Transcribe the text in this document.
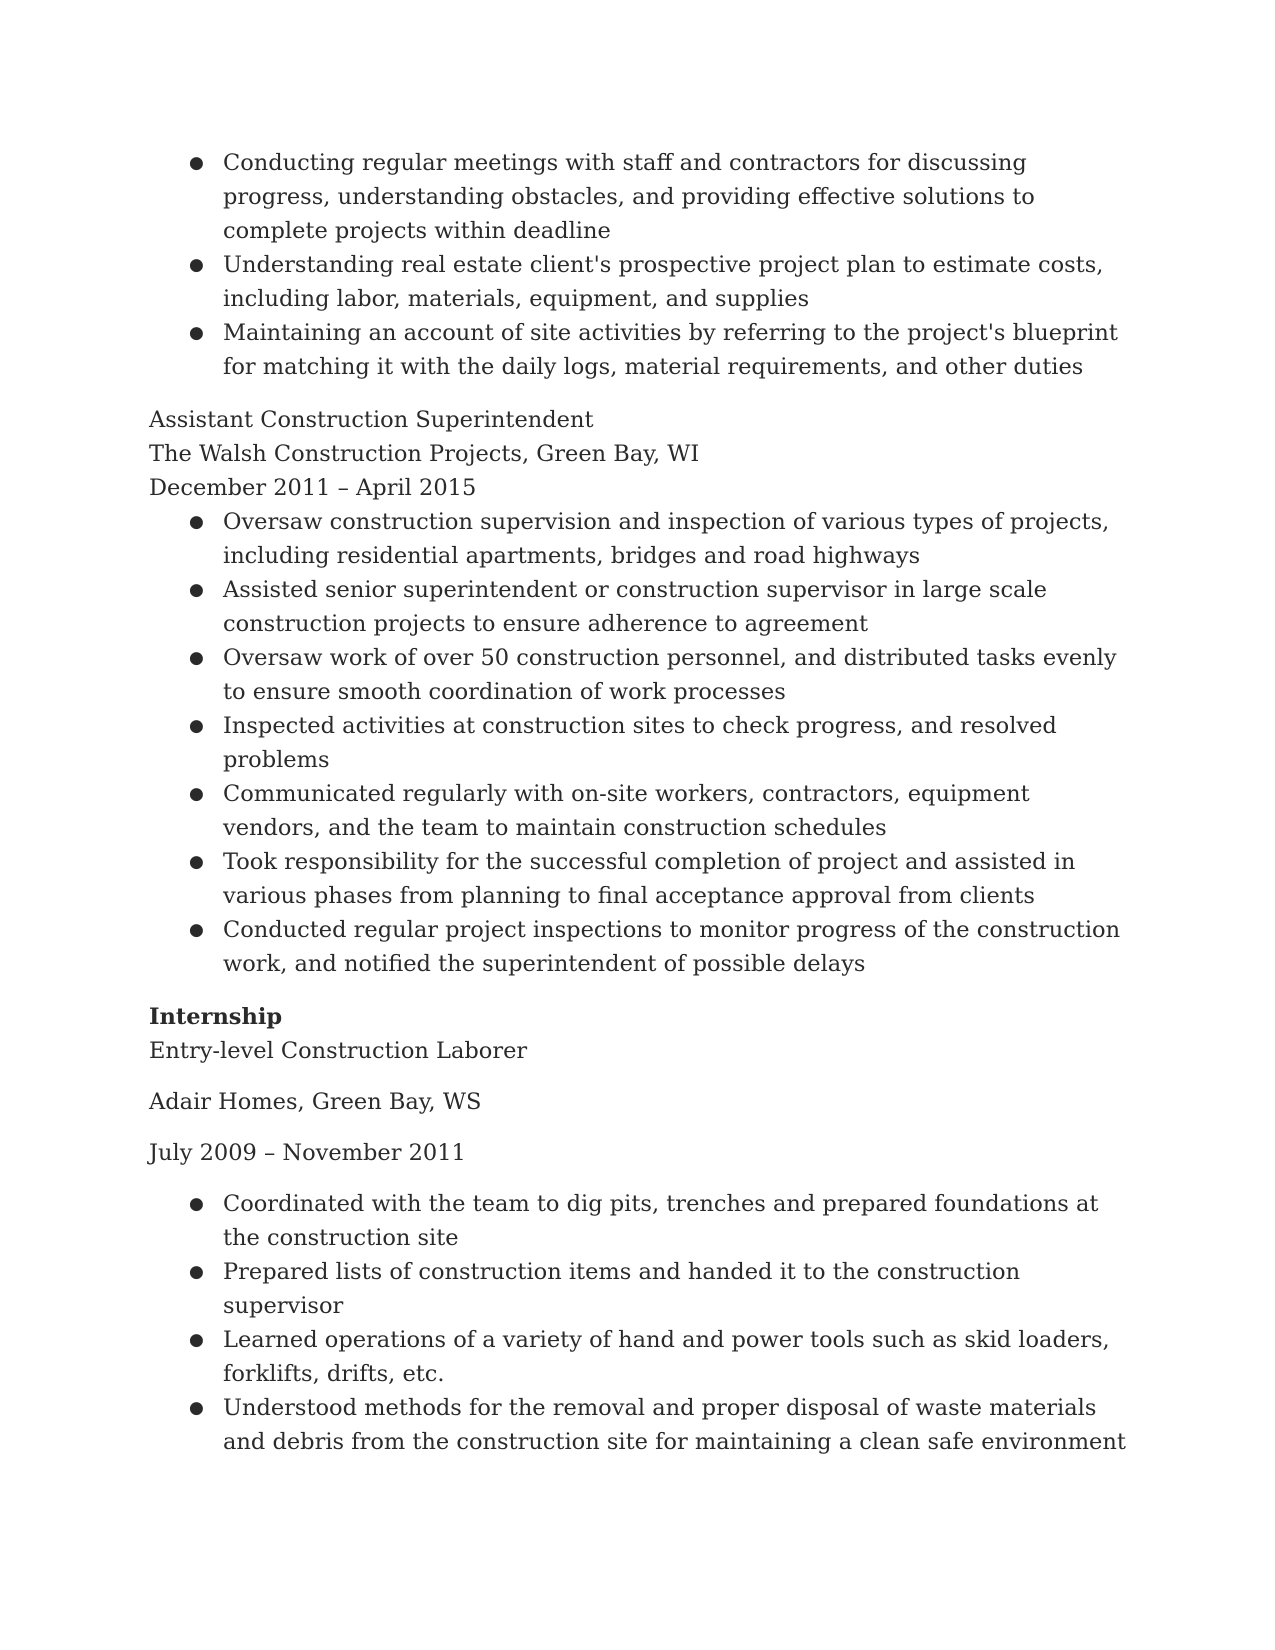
● Conducting regular meetings with staff and contractors for discussing progress, understanding obstacles, and providing effective solutions to complete projects within deadline
● Understanding real estate client's prospective project plan to estimate costs, including labor, materials, equipment, and supplies
● Maintaining an account of site activities by referring to the project's blueprint for matching it with the daily logs, material requirements, and other duties
Assistant Construction Superintendent
The Walsh Construction Projects, Green Bay, WI
December 2011 – April 2015
● Oversaw construction supervision and inspection of various types of projects, including residential apartments, bridges and road highways
● Assisted senior superintendent or construction supervisor in large scale construction projects to ensure adherence to agreement
● Oversaw work of over 50 construction personnel, and distributed tasks evenly to ensure smooth coordination of work processes
● Inspected activities at construction sites to check progress, and resolved problems
● Communicated regularly with on-site workers, contractors, equipment vendors, and the team to maintain construction schedules
● Took responsibility for the successful completion of project and assisted in various phases from planning to final acceptance approval from clients
● Conducted regular project inspections to monitor progress of the construction work, and notified the superintendent of possible delays
Internship
Entry-level Construction Laborer
Adair Homes, Green Bay, WS
July 2009 – November 2011
● Coordinated with the team to dig pits, trenches and prepared foundations at the construction site
● Prepared lists of construction items and handed it to the construction supervisor
● Learned operations of a variety of hand and power tools such as skid loaders, forklifts, drifts, etc.
● Understood methods for the removal and proper disposal of waste materials and debris from the construction site for maintaining a clean safe environment
